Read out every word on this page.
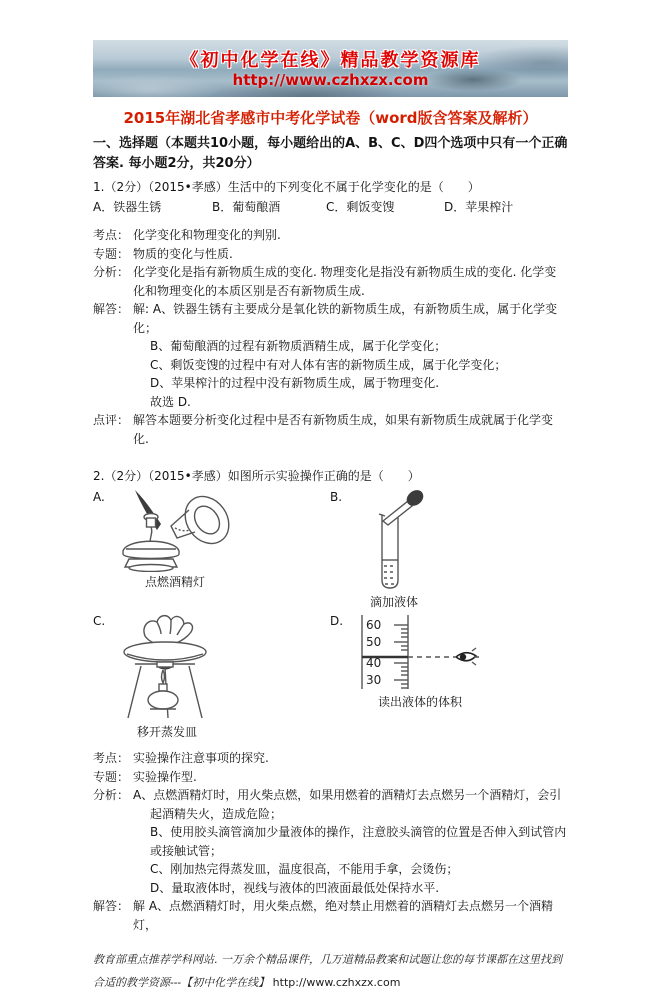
《初中化学在线》精品教学资源库
http://www.czhxzx.com
2015年湖北省孝感市中考化学试卷（word版含答案及解析）
一、选择题（本题共10小题，每小题给出的A、B、C、D四个选项中只有一个正确答案. 每小题2分，共20分）
1.（2分）（2015•孝感）生活中的下列变化不属于化学变化的是（　　）
A．铁器生锈	B．葡萄酿酒	C．剩饭变馊	D．苹果榨汁
考点： 化学变化和物理变化的判别.
专题： 物质的变化与性质.
分析： 化学变化是指有新物质生成的变化. 物理变化是指没有新物质生成的变化. 化学变化和物理变化的本质区别是否有新物质生成.
解答： 解: A、铁器生锈有主要成分是氧化铁的新物质生成，有新物质生成，属于化学变化；
B、葡萄酿酒的过程有新物质酒精生成，属于化学变化；
C、剩饭变馊的过程中有对人体有害的新物质生成，属于化学变化；
D、苹果榨汁的过程中没有新物质生成，属于物理变化.
故选 D.
点评： 解答本题要分析变化过程中是否有新物质生成，如果有新物质生成就属于化学变化.
2.（2分）（2015•孝感）如图所示实验操作正确的是（　　）
A.
点燃酒精灯
B.
滴加液体
C.
移开蒸发皿
D.	60
50
40
30
读出液体的体积
考点： 实验操作注意事项的探究.
专题： 实验操作型.
分析： A、点燃酒精灯时，用火柴点燃，如果用燃着的酒精灯去点燃另一个酒精灯，会引起酒精失火，造成危险；
B、使用胶头滴管滴加少量液体的操作，注意胶头滴管的位置是否伸入到试管内或接触试管；
C、刚加热完得蒸发皿，温度很高，不能用手拿，会烫伤；
D、量取液体时，视线与液体的凹液面最低处保持水平.
解答： 解 A、点燃酒精灯时，用火柴点燃，绝对禁止用燃着的酒精灯去点燃另一个酒精灯，
教育部重点推荐学科网站. 一万余个精品课件，几万道精品教案和试题让您的每节课都在这里找到合适的教学资源---【初中化学在线】 http://www.czhxzx.com
